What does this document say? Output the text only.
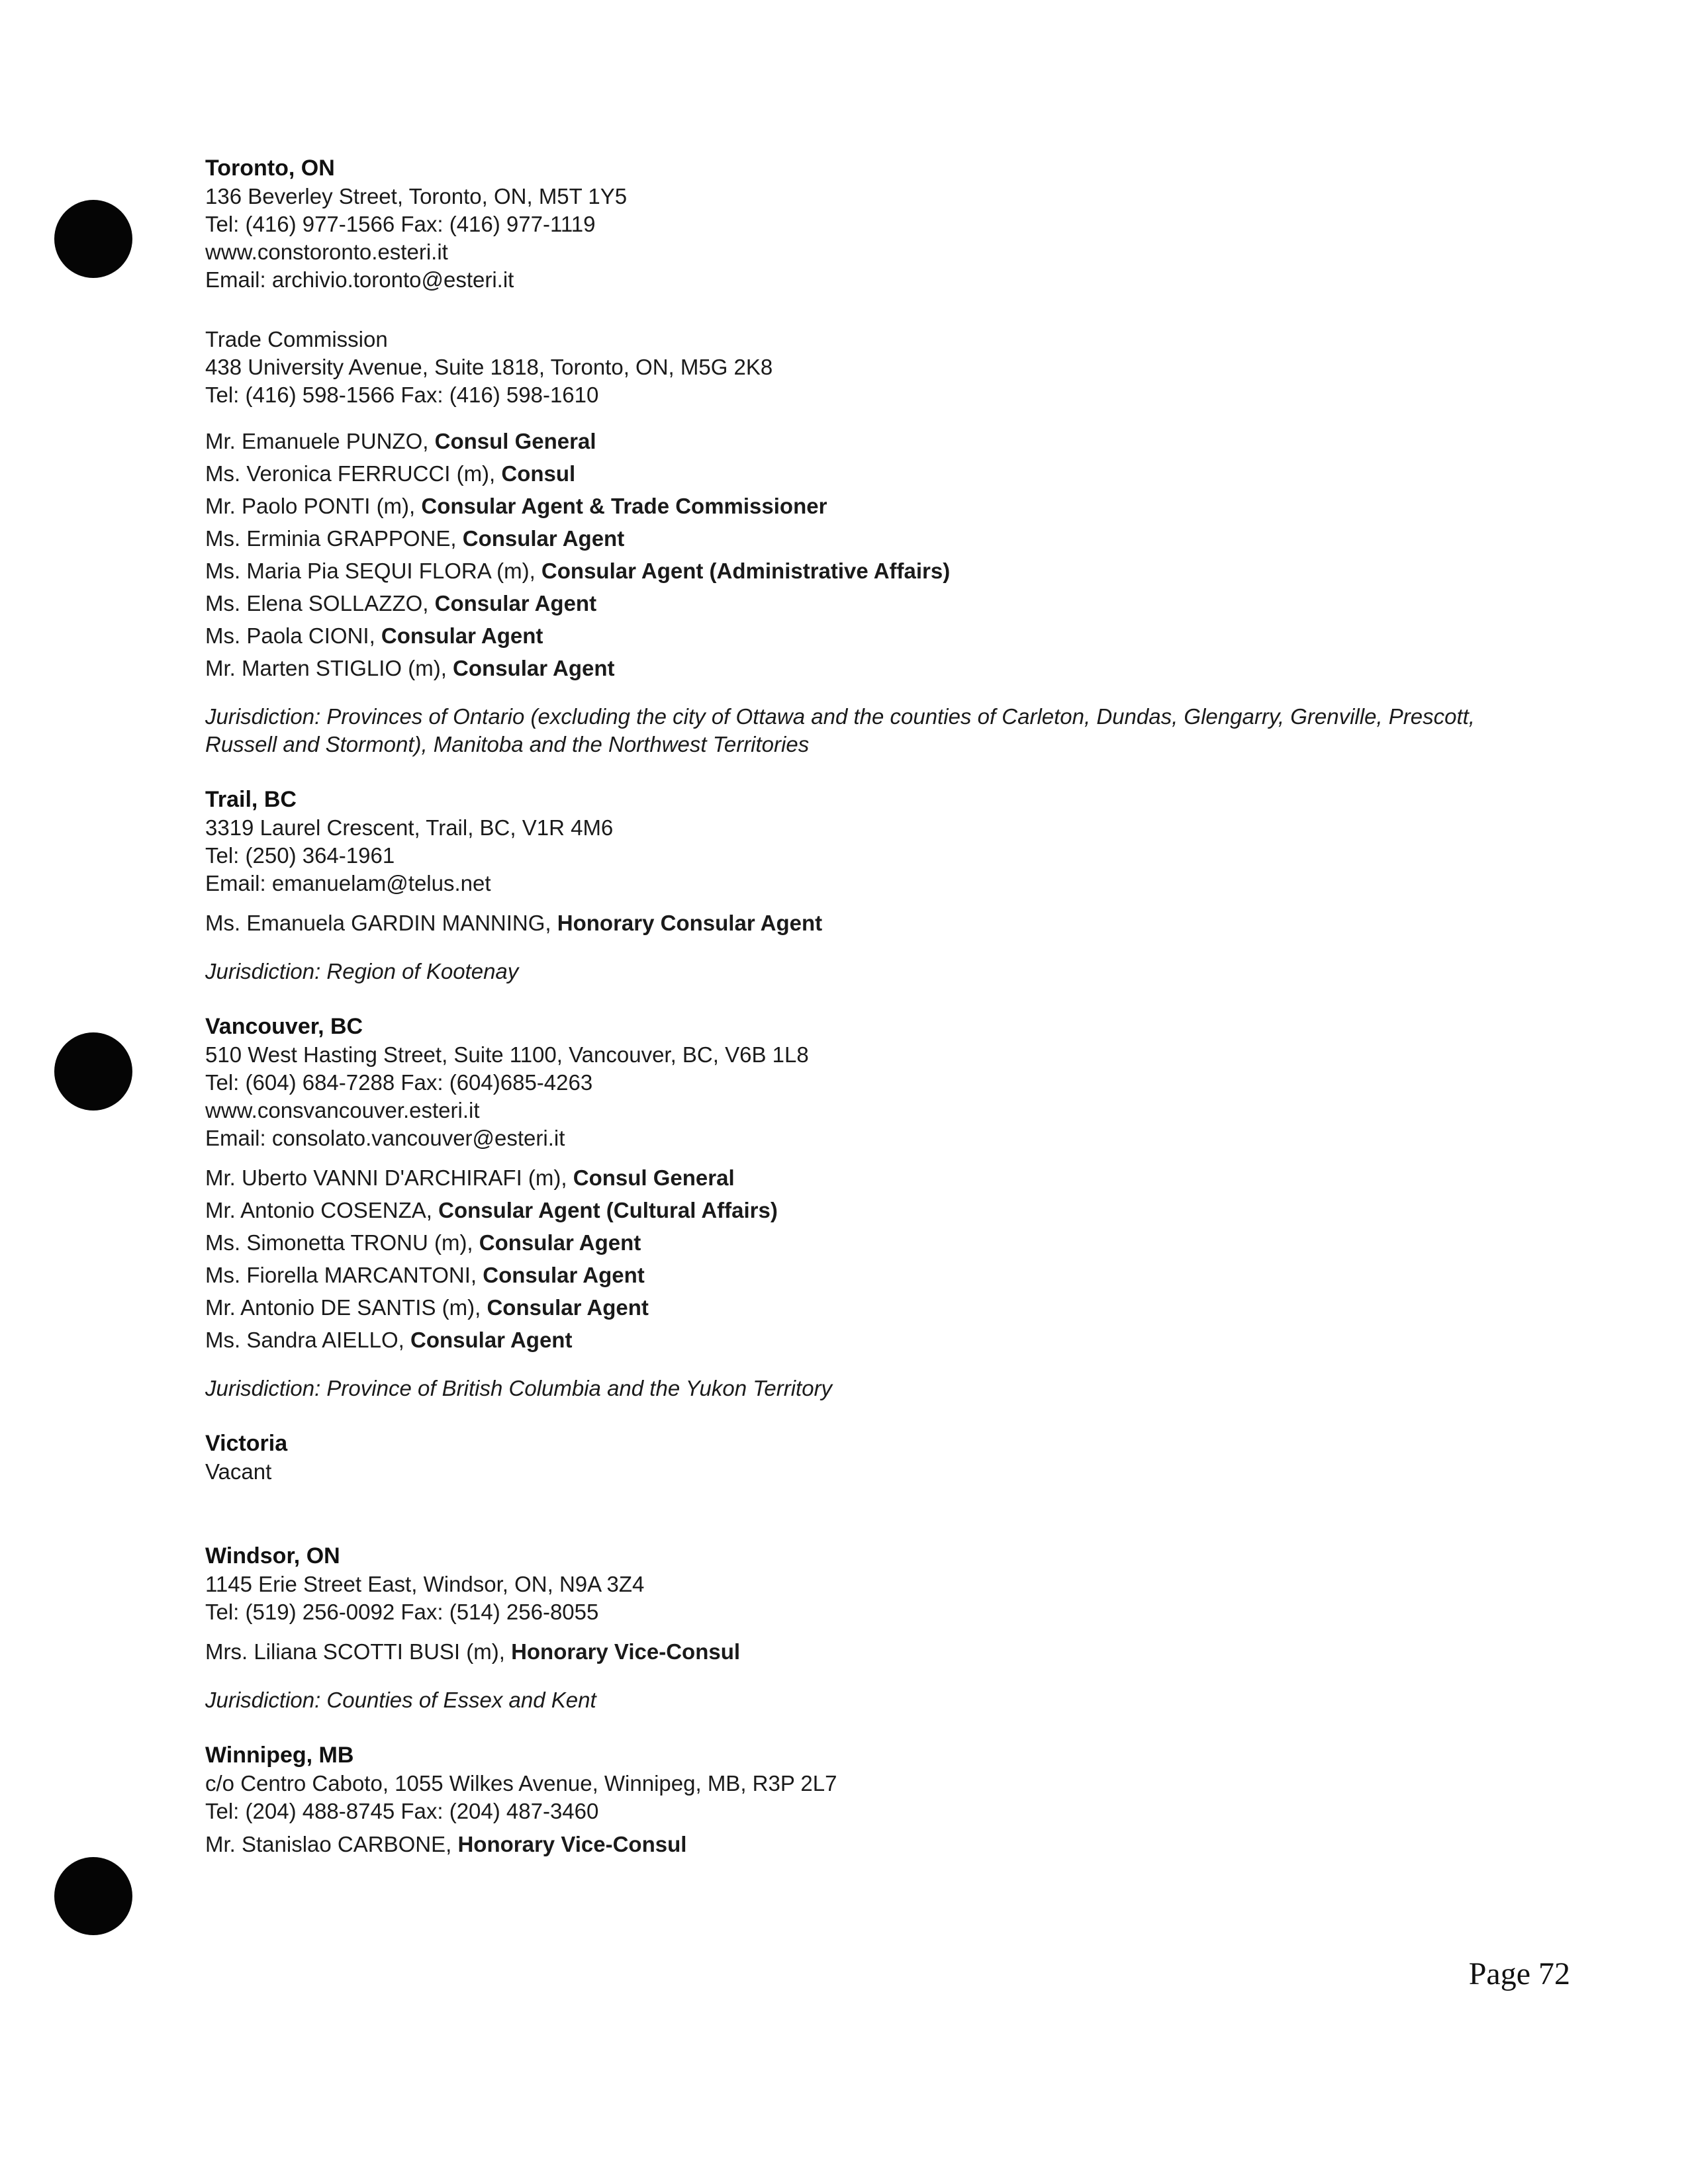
Toronto, ON
136 Beverley Street, Toronto, ON, M5T 1Y5
Tel: (416) 977-1566 Fax: (416) 977-1119
www.constoronto.esteri.it
Email: archivio.toronto@esteri.it
Trade Commission
438 University Avenue, Suite 1818, Toronto, ON, M5G 2K8
Tel: (416) 598-1566 Fax: (416) 598-1610
Mr. Emanuele PUNZO, Consul General
Ms. Veronica FERRUCCI (m), Consul
Mr. Paolo PONTI (m), Consular Agent & Trade Commissioner
Ms. Erminia GRAPPONE, Consular Agent
Ms. Maria Pia SEQUI FLORA (m), Consular Agent (Administrative Affairs)
Ms. Elena SOLLAZZO, Consular Agent
Ms. Paola CIONI, Consular Agent
Mr. Marten STIGLIO (m), Consular Agent
Jurisdiction: Provinces of Ontario (excluding the city of Ottawa and the counties of Carleton, Dundas, Glengarry, Grenville, Prescott, Russell and Stormont), Manitoba and the Northwest Territories
Trail, BC
3319 Laurel Crescent, Trail, BC, V1R 4M6
Tel: (250) 364-1961
Email: emanuelam@telus.net
Ms. Emanuela GARDIN MANNING, Honorary Consular Agent
Jurisdiction: Region of Kootenay
Vancouver, BC
510 West Hasting Street, Suite 1100, Vancouver, BC, V6B 1L8
Tel: (604) 684-7288 Fax: (604)685-4263
www.consvancouver.esteri.it
Email: consolato.vancouver@esteri.it
Mr. Uberto VANNI D'ARCHIRAFI (m), Consul General
Mr. Antonio COSENZA, Consular Agent (Cultural Affairs)
Ms. Simonetta TRONU (m), Consular Agent
Ms. Fiorella MARCANTONI, Consular Agent
Mr. Antonio DE SANTIS (m), Consular Agent
Ms. Sandra AIELLO, Consular Agent
Jurisdiction: Province of British Columbia and the Yukon Territory
Victoria
Vacant
Windsor, ON
1145 Erie Street East, Windsor, ON, N9A 3Z4
Tel: (519) 256-0092 Fax: (514) 256-8055
Mrs. Liliana SCOTTI BUSI (m), Honorary Vice-Consul
Jurisdiction: Counties of Essex and Kent
Winnipeg, MB
c/o Centro Caboto, 1055 Wilkes Avenue, Winnipeg, MB, R3P 2L7
Tel: (204) 488-8745 Fax: (204) 487-3460
Mr. Stanislao CARBONE, Honorary Vice-Consul
Page 72
